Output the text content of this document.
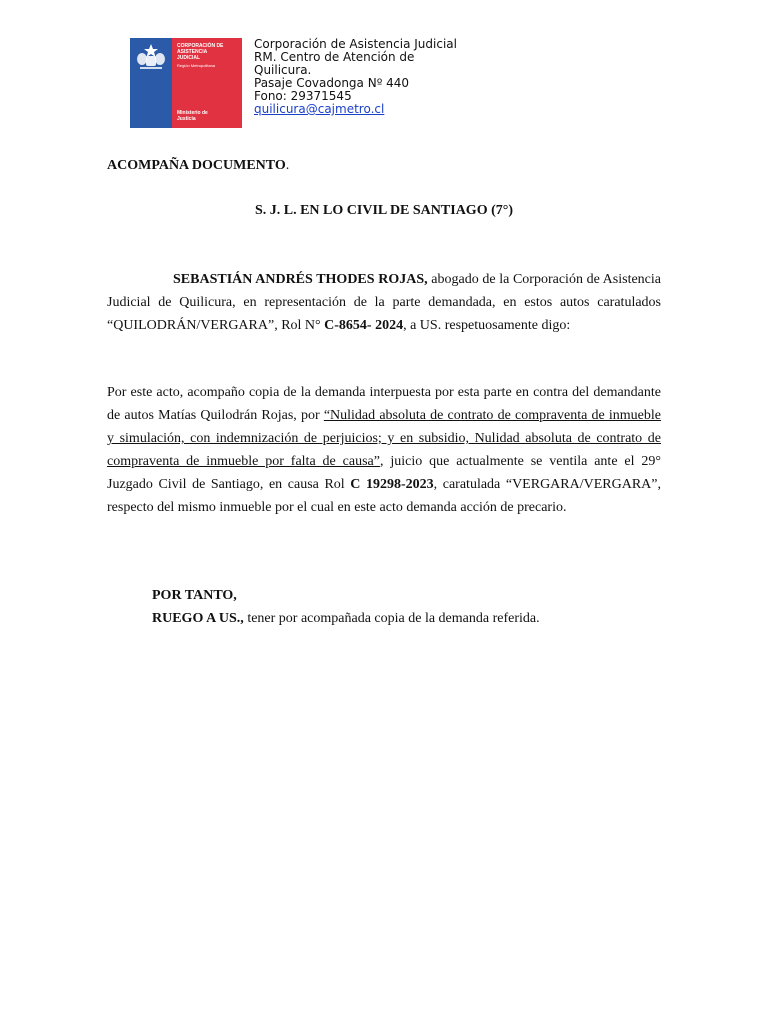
CORPORACIÓN DE
ASISTENCIA
JUDICIAL
Región Metropolitana
Ministerio de
Justicia
Corporación de Asistencia Judicial
RM. Centro de Atención de
Quilicura.
Pasaje Covadonga Nº 440
Fono: 29371545
quilicura@cajmetro.cl
ACOMPAÑA DOCUMENTO.
S. J. L. EN LO CIVIL DE SANTIAGO (7°)
SEBASTIÁN ANDRÉS THODES ROJAS, abogado de la Corporación de Asistencia Judicial de Quilicura, en representación de la parte demandada, en estos autos caratulados “QUILODRÁN/VERGARA”, Rol N° C-8654- 2024, a US. respetuosamente digo:
Por este acto, acompaño copia de la demanda interpuesta por esta parte en contra del demandante de autos Matías Quilodrán Rojas, por “Nulidad absoluta de contrato de compraventa de inmueble y simulación, con indemnización de perjuicios; y en subsidio, Nulidad absoluta de contrato de compraventa de inmueble por falta de causa”, juicio que actualmente se ventila ante el 29° Juzgado Civil de Santiago, en causa Rol C 19298-2023, caratulada “VERGARA/VERGARA”, respecto del mismo inmueble por el cual en este acto demanda acción de precario.
POR TANTO,
RUEGO A US., tener por acompañada copia de la demanda referida.
